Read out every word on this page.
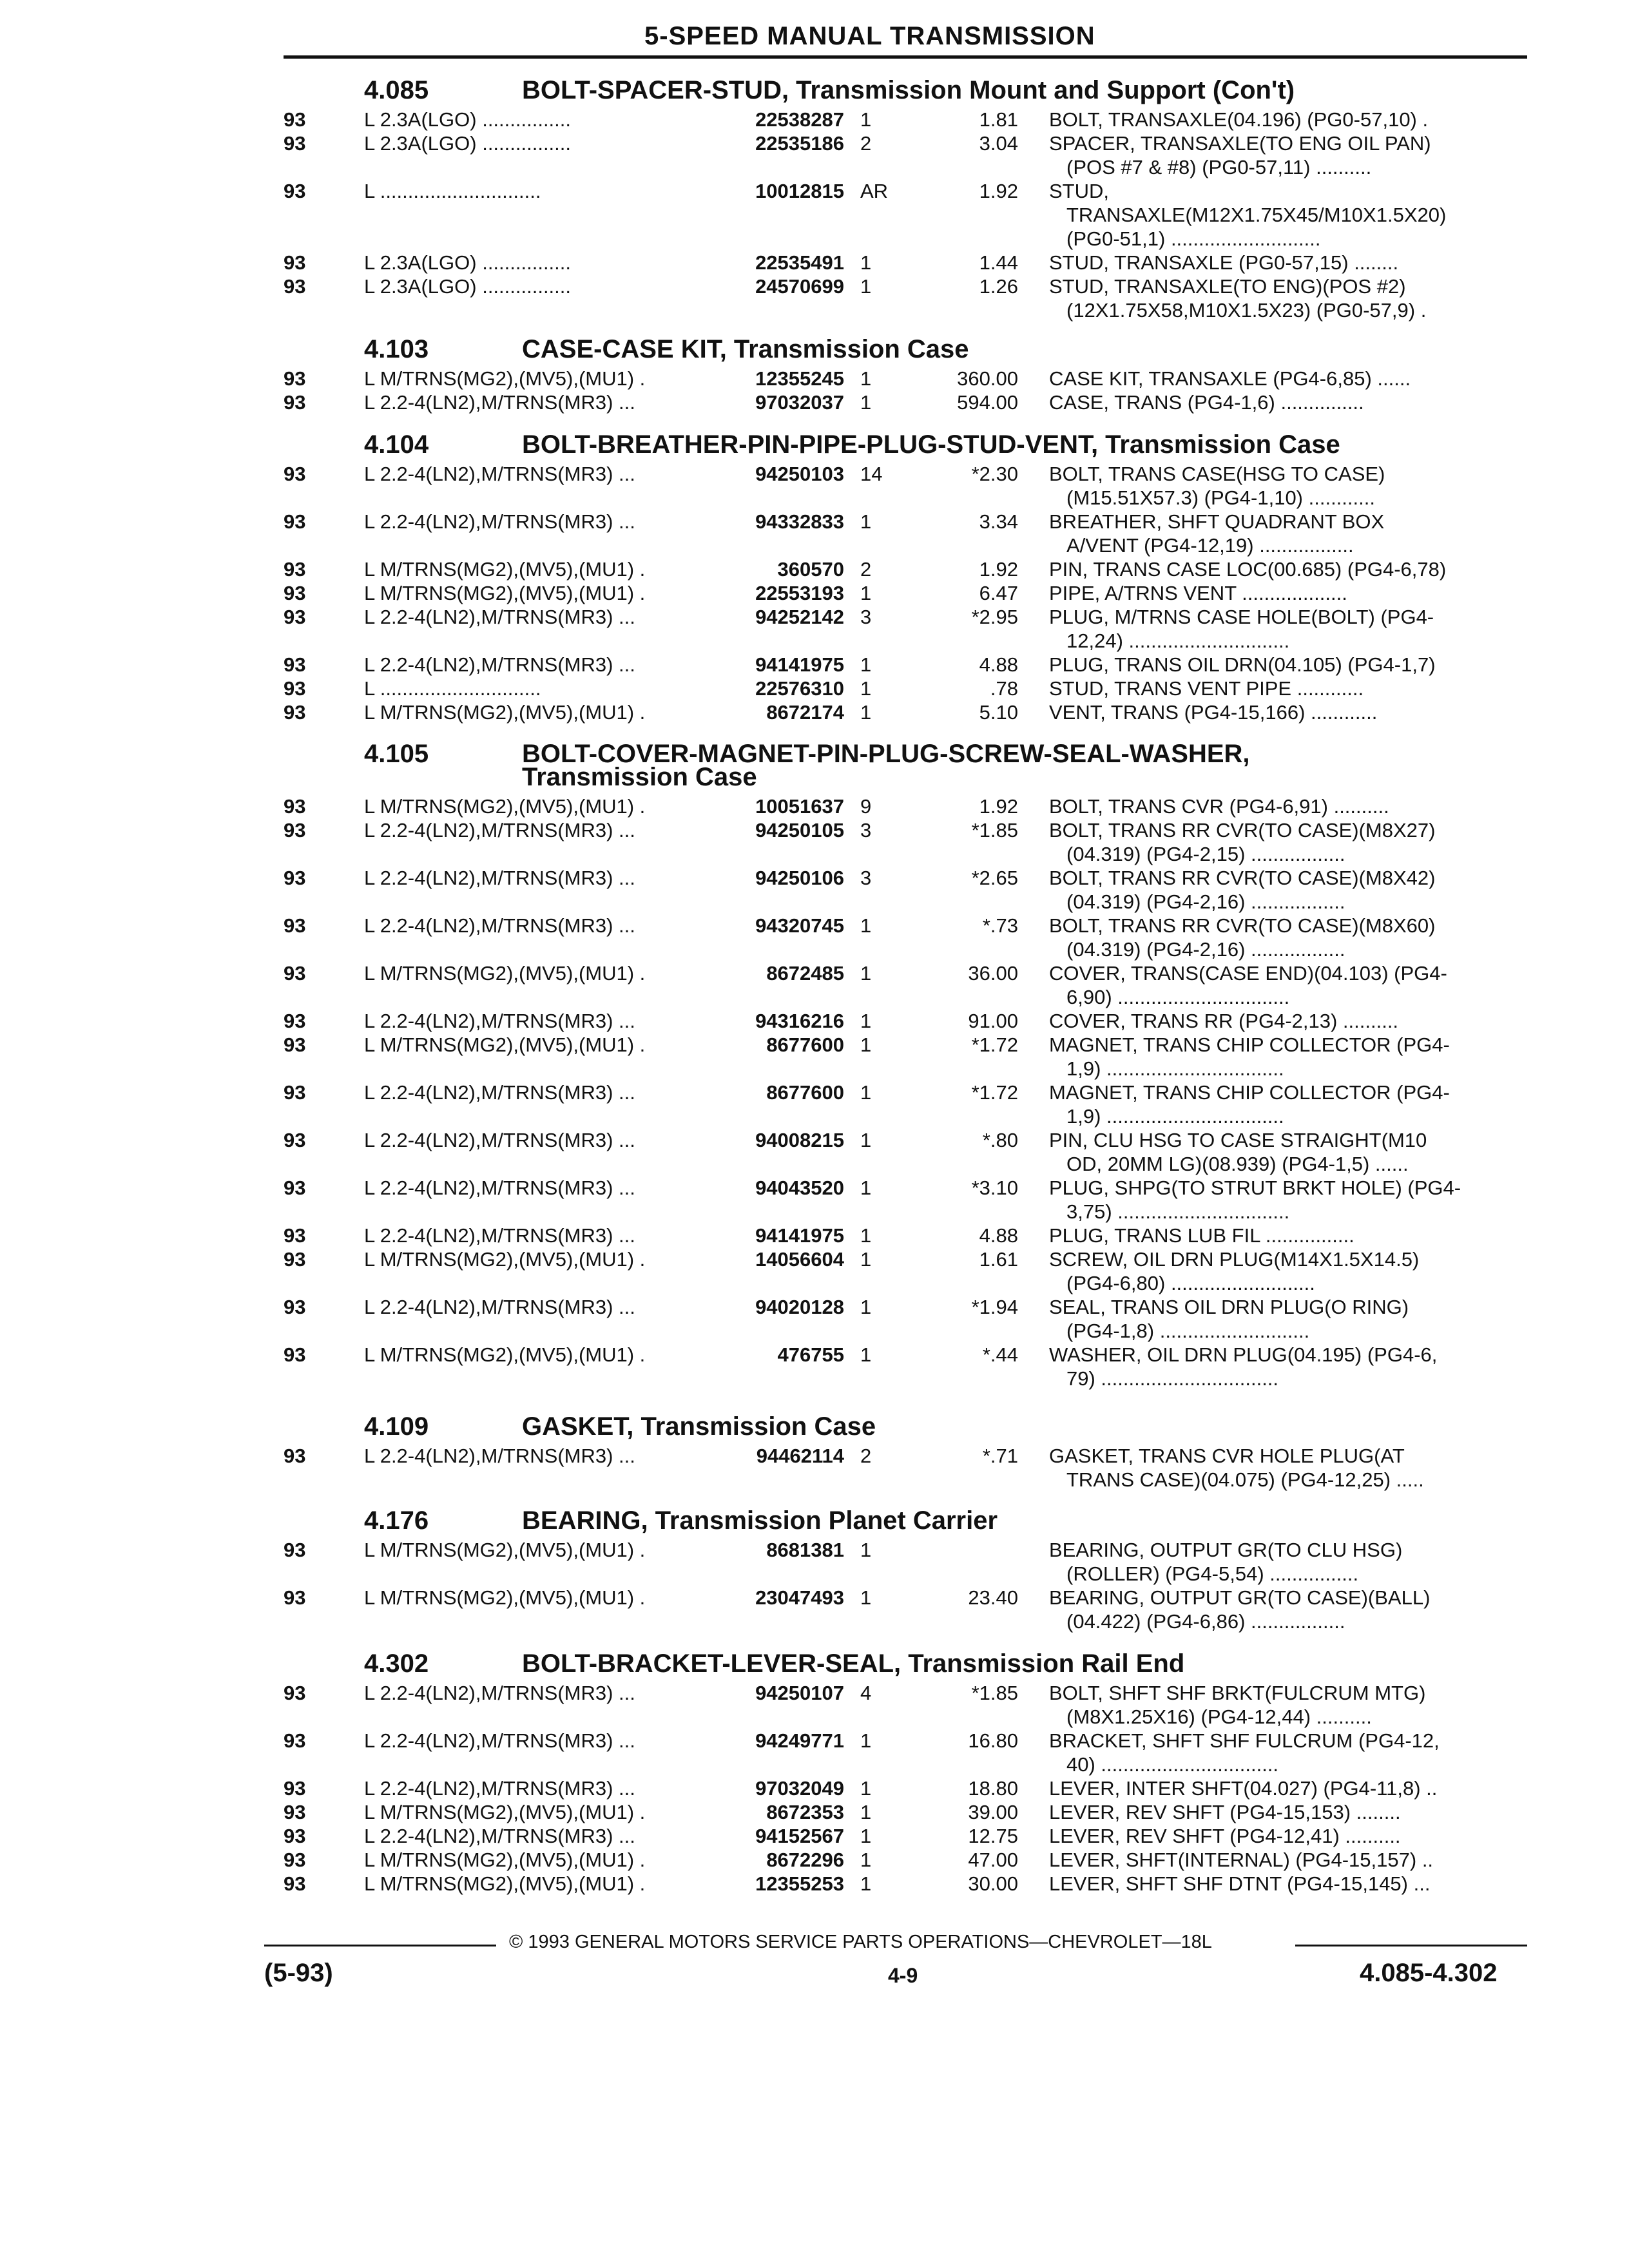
5-SPEED MANUAL TRANSMISSION
4.085	BOLT-SPACER-STUD, Transmission Mount and Support (Con't)
93	L 2.3A(LGO) ................	22538287 1	1.81 BOLT, TRANSAXLE(04.196) (PG0-57,10) .
93	L 2.3A(LGO) ................	22535186 2	3.04 SPACER, TRANSAXLE(TO ENG OIL PAN)
(POS #7 & #8) (PG0-57,11) ..........
93	L .............................	10012815 AR	1.92 STUD,
TRANSAXLE(M12X1.75X45/M10X1.5X20)
(PG0-51,1) ...........................
93	L 2.3A(LGO) ................	22535491 1	1.44 STUD, TRANSAXLE (PG0-57,15) ........
93	L 2.3A(LGO) ................	24570699 1	1.26 STUD, TRANSAXLE(TO ENG)(POS #2)
(12X1.75X58,M10X1.5X23) (PG0-57,9) .
4.103	CASE-CASE KIT, Transmission Case
93	L M/TRNS(MG2),(MV5),(MU1) .	12355245 1	360.00 CASE KIT, TRANSAXLE (PG4-6,85) ......
93	L 2.2-4(LN2),M/TRNS(MR3) ...	97032037 1	594.00 CASE, TRANS (PG4-1,6) ...............
4.104	BOLT-BREATHER-PIN-PIPE-PLUG-STUD-VENT, Transmission Case
93	L 2.2-4(LN2),M/TRNS(MR3) ...	94250103 14	*2.30 BOLT, TRANS CASE(HSG TO CASE)
(M15.51X57.3) (PG4-1,10) ............
93	L 2.2-4(LN2),M/TRNS(MR3) ...	94332833 1	3.34 BREATHER, SHFT QUADRANT BOX
A/VENT (PG4-12,19) .................
93	L M/TRNS(MG2),(MV5),(MU1) .	360570 2	1.92 PIN, TRANS CASE LOC(00.685) (PG4-6,78)
93	L M/TRNS(MG2),(MV5),(MU1) .	22553193 1	6.47 PIPE, A/TRNS VENT ...................
93	L 2.2-4(LN2),M/TRNS(MR3) ...	94252142 3	*2.95 PLUG, M/TRNS CASE HOLE(BOLT) (PG4-
12,24) .............................
93	L 2.2-4(LN2),M/TRNS(MR3) ...	94141975 1	4.88 PLUG, TRANS OIL DRN(04.105) (PG4-1,7)
93	L .............................	22576310 1	.78 STUD, TRANS VENT PIPE ............
93	L M/TRNS(MG2),(MV5),(MU1) .	8672174 1	5.10 VENT, TRANS (PG4-15,166) ............
4.105	BOLT-COVER-MAGNET-PIN-PLUG-SCREW-SEAL-WASHER,
Transmission Case
93	L M/TRNS(MG2),(MV5),(MU1) .	10051637 9	1.92 BOLT, TRANS CVR (PG4-6,91) ..........
93	L 2.2-4(LN2),M/TRNS(MR3) ...	94250105 3	*1.85 BOLT, TRANS RR CVR(TO CASE)(M8X27)
(04.319) (PG4-2,15) .................
93	L 2.2-4(LN2),M/TRNS(MR3) ...	94250106 3	*2.65 BOLT, TRANS RR CVR(TO CASE)(M8X42)
(04.319) (PG4-2,16) .................
93	L 2.2-4(LN2),M/TRNS(MR3) ...	94320745 1	*.73 BOLT, TRANS RR CVR(TO CASE)(M8X60)
(04.319) (PG4-2,16) .................
93	L M/TRNS(MG2),(MV5),(MU1) .	8672485 1	36.00 COVER, TRANS(CASE END)(04.103) (PG4-
6,90) ...............................
93	L 2.2-4(LN2),M/TRNS(MR3) ...	94316216 1	91.00 COVER, TRANS RR (PG4-2,13) ..........
93	L M/TRNS(MG2),(MV5),(MU1) .	8677600 1	*1.72 MAGNET, TRANS CHIP COLLECTOR (PG4-
1,9) ................................
93	L 2.2-4(LN2),M/TRNS(MR3) ...	8677600 1	*1.72 MAGNET, TRANS CHIP COLLECTOR (PG4-
1,9) ................................
93	L 2.2-4(LN2),M/TRNS(MR3) ...	94008215 1	*.80 PIN, CLU HSG TO CASE STRAIGHT(M10
OD, 20MM LG)(08.939) (PG4-1,5) ......
93	L 2.2-4(LN2),M/TRNS(MR3) ...	94043520 1	*3.10 PLUG, SHPG(TO STRUT BRKT HOLE) (PG4-
3,75) ...............................
93	L 2.2-4(LN2),M/TRNS(MR3) ...	94141975 1	4.88 PLUG, TRANS LUB FIL ................
93	L M/TRNS(MG2),(MV5),(MU1) .	14056604 1	1.61 SCREW, OIL DRN PLUG(M14X1.5X14.5)
(PG4-6,80) ..........................
93	L 2.2-4(LN2),M/TRNS(MR3) ...	94020128 1	*1.94 SEAL, TRANS OIL DRN PLUG(O RING)
(PG4-1,8) ...........................
93	L M/TRNS(MG2),(MV5),(MU1) .	476755 1	*.44 WASHER, OIL DRN PLUG(04.195) (PG4-6,
79) ................................
4.109	GASKET, Transmission Case
93	L 2.2-4(LN2),M/TRNS(MR3) ...	94462114 2	*.71 GASKET, TRANS CVR HOLE PLUG(AT
TRANS CASE)(04.075) (PG4-12,25) .....
4.176	BEARING, Transmission Planet Carrier
93	L M/TRNS(MG2),(MV5),(MU1) .	8681381 1	BEARING, OUTPUT GR(TO CLU HSG)
(ROLLER) (PG4-5,54) ................
93	L M/TRNS(MG2),(MV5),(MU1) .	23047493 1	23.40 BEARING, OUTPUT GR(TO CASE)(BALL)
(04.422) (PG4-6,86) .................
4.302	BOLT-BRACKET-LEVER-SEAL, Transmission Rail End
93	L 2.2-4(LN2),M/TRNS(MR3) ...	94250107 4	*1.85 BOLT, SHFT SHF BRKT(FULCRUM MTG)
(M8X1.25X16) (PG4-12,44) ..........
93	L 2.2-4(LN2),M/TRNS(MR3) ...	94249771 1	16.80 BRACKET, SHFT SHF FULCRUM (PG4-12,
40) ................................
93	L 2.2-4(LN2),M/TRNS(MR3) ...	97032049 1	18.80 LEVER, INTER SHFT(04.027) (PG4-11,8) ..
93	L M/TRNS(MG2),(MV5),(MU1) .	8672353 1	39.00 LEVER, REV SHFT (PG4-15,153) ........
93	L 2.2-4(LN2),M/TRNS(MR3) ...	94152567 1	12.75 LEVER, REV SHFT (PG4-12,41) ..........
93	L M/TRNS(MG2),(MV5),(MU1) .	8672296 1	47.00 LEVER, SHFT(INTERNAL) (PG4-15,157) ..
93	L M/TRNS(MG2),(MV5),(MU1) .	12355253 1	30.00 LEVER, SHFT SHF DTNT (PG4-15,145) ...
© 1993 GENERAL MOTORS SERVICE PARTS OPERATIONS—CHEVROLET—18L
(5-93)	4-9	4.085-4.302
